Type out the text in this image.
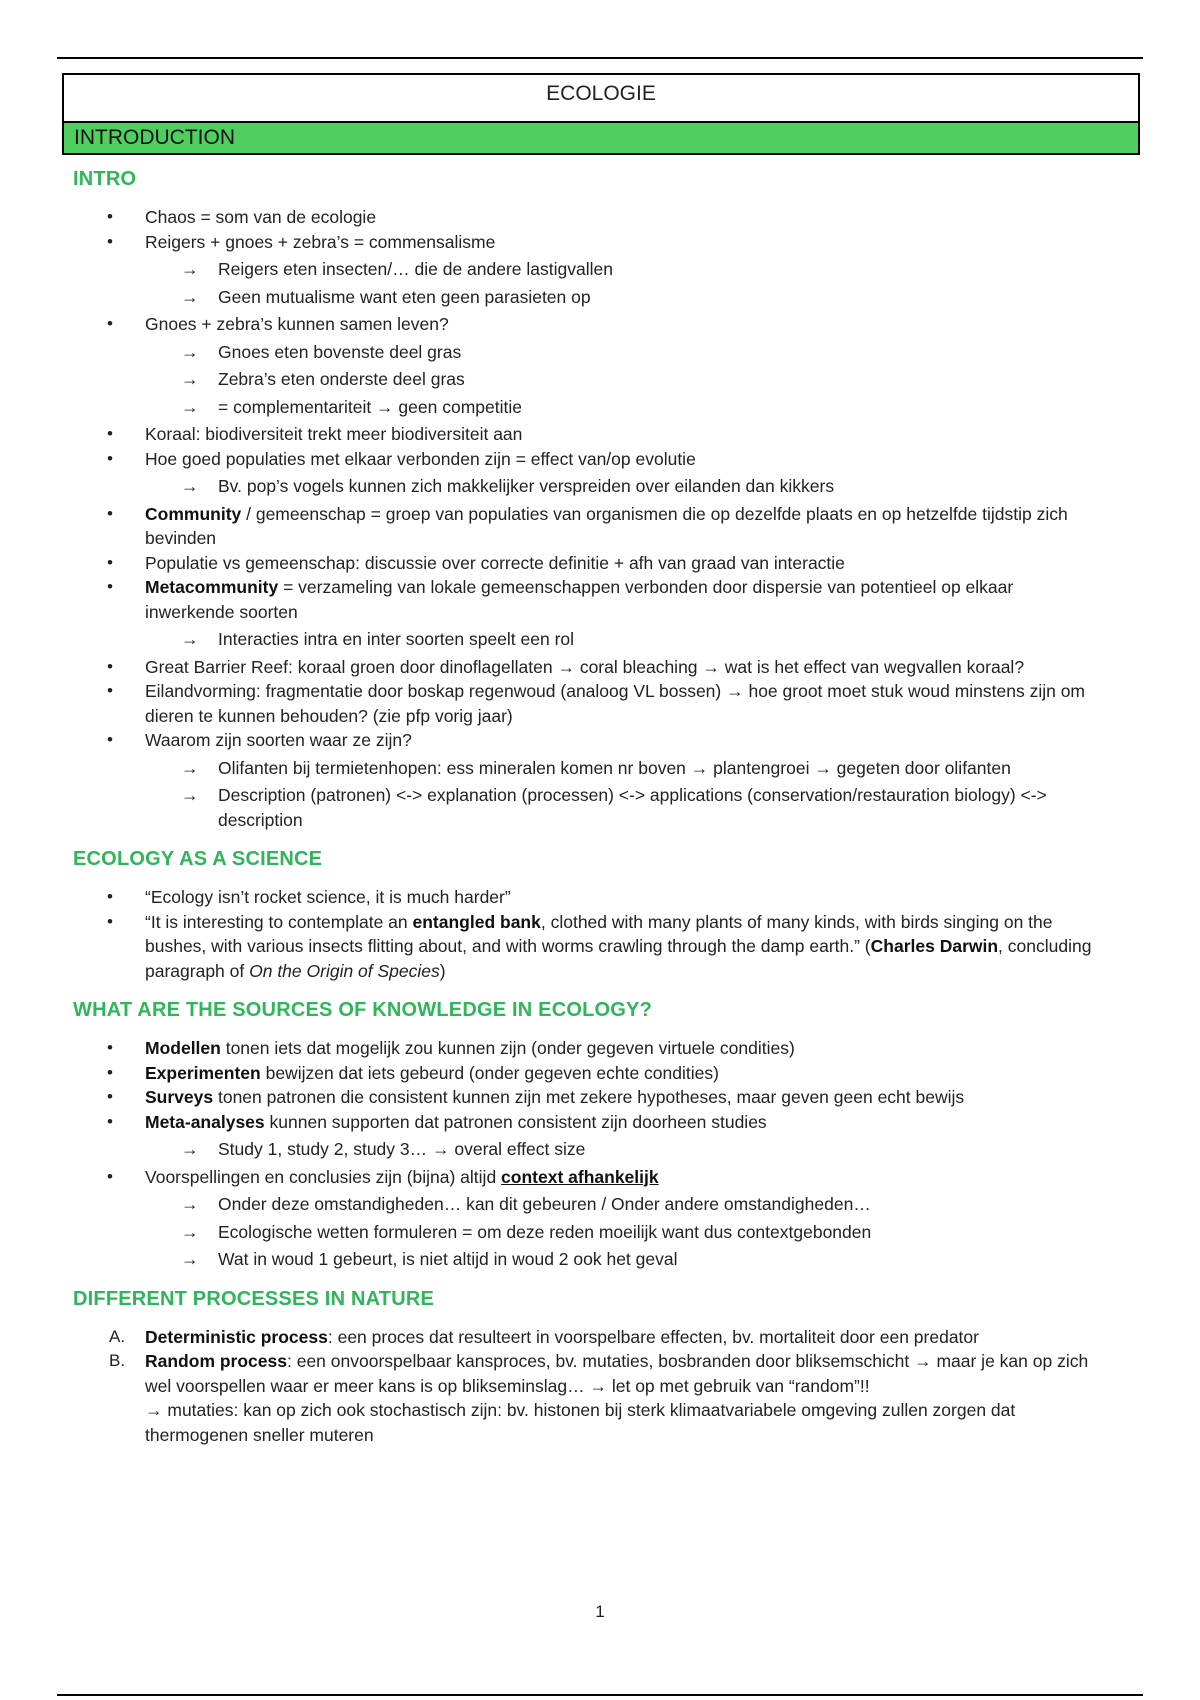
ECOLOGIE
INTRODUCTION
INTRO
• Chaos = som van de ecologie
• Reigers + gnoes + zebra’s = commensalisme
→ Reigers eten insecten/… die de andere lastigvallen
→ Geen mutualisme want eten geen parasieten op
• Gnoes + zebra’s kunnen samen leven?
→ Gnoes eten bovenste deel gras
→ Zebra’s eten onderste deel gras
→ = complementariteit → geen competitie
• Koraal: biodiversiteit trekt meer biodiversiteit aan
• Hoe goed populaties met elkaar verbonden zijn = effect van/op evolutie
→ Bv. pop’s vogels kunnen zich makkelijker verspreiden over eilanden dan kikkers
• Community / gemeenschap = groep van populaties van organismen die op dezelfde plaats en op hetzelfde tijdstip zich bevinden
• Populatie vs gemeenschap: discussie over correcte definitie + afh van graad van interactie
• Metacommunity = verzameling van lokale gemeenschappen verbonden door dispersie van potentieel op elkaar inwerkende soorten
→ Interacties intra en inter soorten speelt een rol
• Great Barrier Reef: koraal groen door dinoflagellaten → coral bleaching → wat is het effect van wegvallen koraal?
• Eilandvorming: fragmentatie door boskap regenwoud (analoog VL bossen) → hoe groot moet stuk woud minstens zijn om dieren te kunnen behouden? (zie pfp vorig jaar)
• Waarom zijn soorten waar ze zijn?
→ Olifanten bij termietenhopen: ess mineralen komen nr boven → plantengroei → gegeten door olifanten
→ Description (patronen) <-> explanation (processen) <-> applications (conservation/restauration biology) <-> description
ECOLOGY AS A SCIENCE
• “Ecology isn’t rocket science, it is much harder”
• “It is interesting to contemplate an entangled bank, clothed with many plants of many kinds, with birds singing on the bushes, with various insects flitting about, and with worms crawling through the damp earth.” (Charles Darwin, concluding paragraph of On the Origin of Species)
WHAT ARE THE SOURCES OF KNOWLEDGE IN ECOLOGY?
• Modellen tonen iets dat mogelijk zou kunnen zijn (onder gegeven virtuele condities)
• Experimenten bewijzen dat iets gebeurd (onder gegeven echte condities)
• Surveys tonen patronen die consistent kunnen zijn met zekere hypotheses, maar geven geen echt bewijs
• Meta-analyses kunnen supporten dat patronen consistent zijn doorheen studies
→ Study 1, study 2, study 3… → overal effect size
• Voorspellingen en conclusies zijn (bijna) altijd context afhankelijk
→ Onder deze omstandigheden… kan dit gebeuren / Onder andere omstandigheden…
→ Ecologische wetten formuleren = om deze reden moeilijk want dus contextgebonden
→ Wat in woud 1 gebeurt, is niet altijd in woud 2 ook het geval
DIFFERENT PROCESSES IN NATURE
A. Deterministic process: een proces dat resulteert in voorspelbare effecten, bv. mortaliteit door een predator
B. Random process: een onvoorspelbaar kansproces, bv. mutaties, bosbranden door bliksemschicht → maar je kan op zich wel voorspellen waar er meer kans is op blikseminslag… → let op met gebruik van “random”!!
→ mutaties: kan op zich ook stochastisch zijn: bv. histonen bij sterk klimaatvariabele omgeving zullen zorgen dat thermogenen sneller muteren
1
